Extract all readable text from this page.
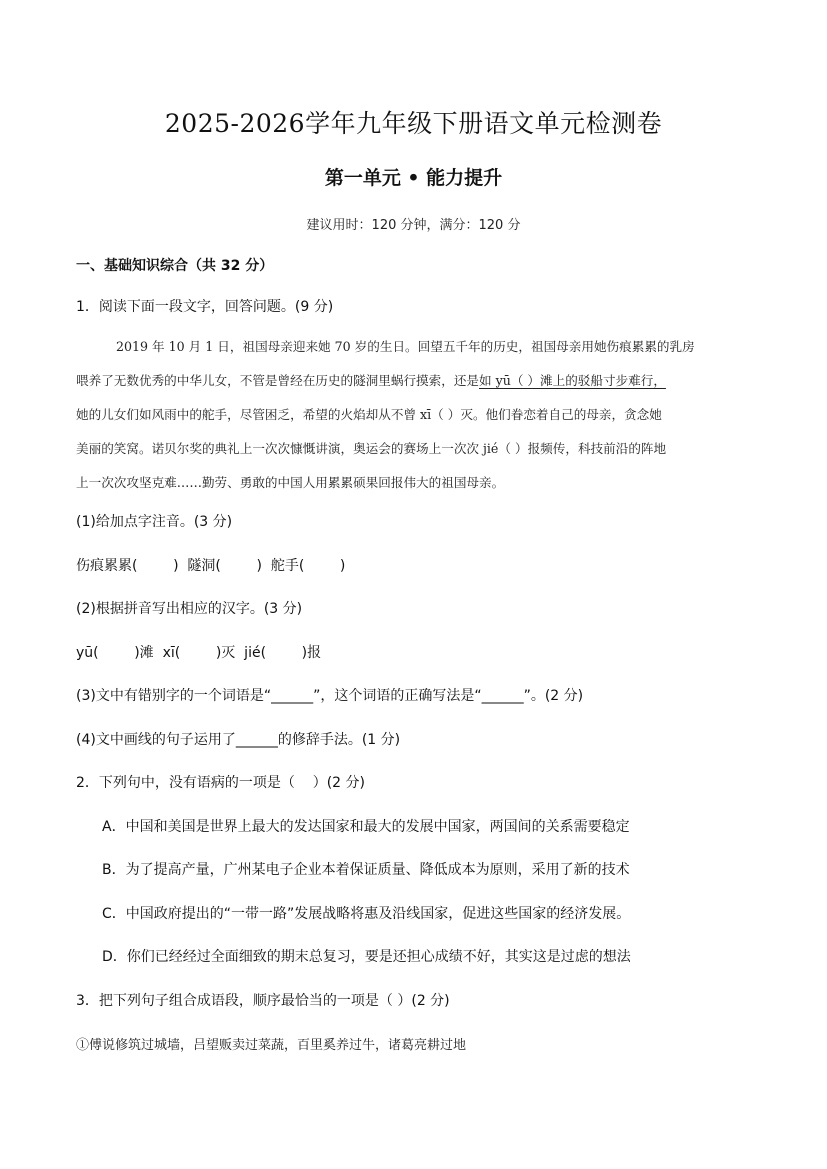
2025-2026学年九年级下册语文单元检测卷
第一单元 • 能力提升
建议用时：120 分钟，满分：120 分
一、基础知识综合（共 32 分）
1．阅读下面一段文字，回答问题。(9 分)
2019 年 10 月 1 日，祖国母亲迎来她 70 岁的生日。回望五千年的历史，祖国母亲用她伤痕累累的乳房
喂养了无数优秀的中华儿女，不管是曾经在历史的隧洞里蜗行摸索，还是如 yū（ ）滩上的驳船寸步难行，
她的儿女们如风雨中的舵手，尽管困乏，希望的火焰却从不曾 xī（ ）灭。他们眷恋着自己的母亲，贪念她
美丽的笑窝。诺贝尔奖的典礼上一次次慷慨讲演，奥运会的赛场上一次次 jié（ ）报频传，科技前沿的阵地
上一次次攻坚克难……勤劳、勇敢的中国人用累累硕果回报伟大的祖国母亲。
(1)给加点字注音。(3 分)
伤痕累累(        )  隧洞(        )  舵手(        )
(2)根据拼音写出相应的汉字。(3 分)
yū(        )滩  xī(        )灭  jié(        )报
(3)文中有错别字的一个词语是“______”，这个词语的正确写法是“______”。(2 分)
(4)文中画线的句子运用了______的修辞手法。(1 分)
2．下列句中，没有语病的一项是（    ）(2 分)
A．中国和美国是世界上最大的发达国家和最大的发展中国家，两国间的关系需要稳定
B．为了提高产量，广州某电子企业本着保证质量、降低成本为原则，采用了新的技术
C．中国政府提出的“一带一路”发展战略将惠及沿线国家，促进这些国家的经济发展。
D．你们已经经过全面细致的期末总复习，要是还担心成绩不好，其实这是过虑的想法
3．把下列句子组合成语段，顺序最恰当的一项是（ ）(2 分)
①傅说修筑过城墙，吕望贩卖过菜蔬，百里奚养过牛，诸葛亮耕过地
